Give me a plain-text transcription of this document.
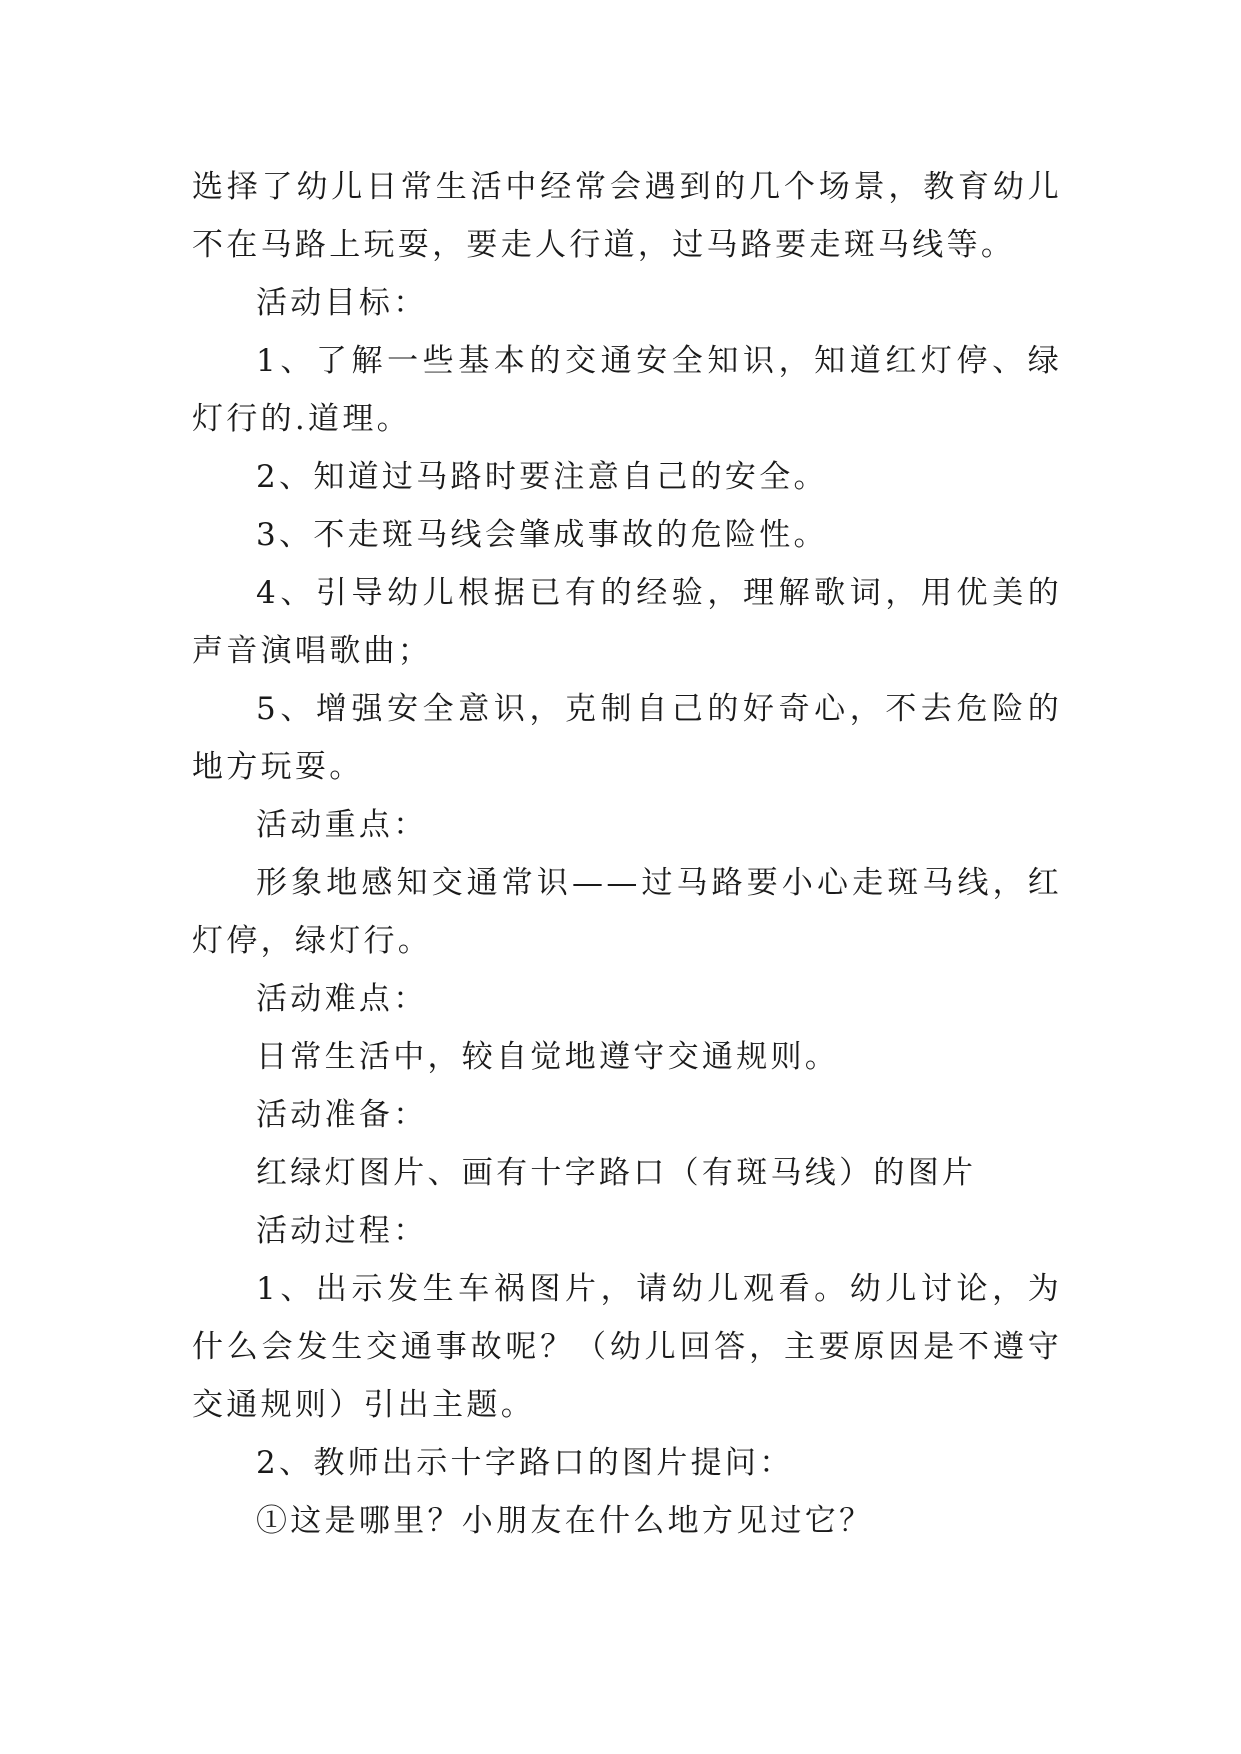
选择了幼儿日常生活中经常会遇到的几个场景，教育幼儿不在马路上玩耍，要走人行道，过马路要走斑马线等。

活动目标：

1、了解一些基本的交通安全知识，知道红灯停、绿灯行的.道理。

2、知道过马路时要注意自己的安全。

3、不走斑马线会肇成事故的危险性。

4、引导幼儿根据已有的经验，理解歌词，用优美的声音演唱歌曲；

5、增强安全意识，克制自己的好奇心，不去危险的地方玩耍。

活动重点：

形象地感知交通常识——过马路要小心走斑马线，红灯停，绿灯行。

活动难点：

日常生活中，较自觉地遵守交通规则。

活动准备：

红绿灯图片、画有十字路口（有斑马线）的图片

活动过程：

1、出示发生车祸图片，请幼儿观看。幼儿讨论，为什么会发生交通事故呢？（幼儿回答，主要原因是不遵守交通规则）引出主题。

2、教师出示十字路口的图片提问：

①这是哪里？小朋友在什么地方见过它？
